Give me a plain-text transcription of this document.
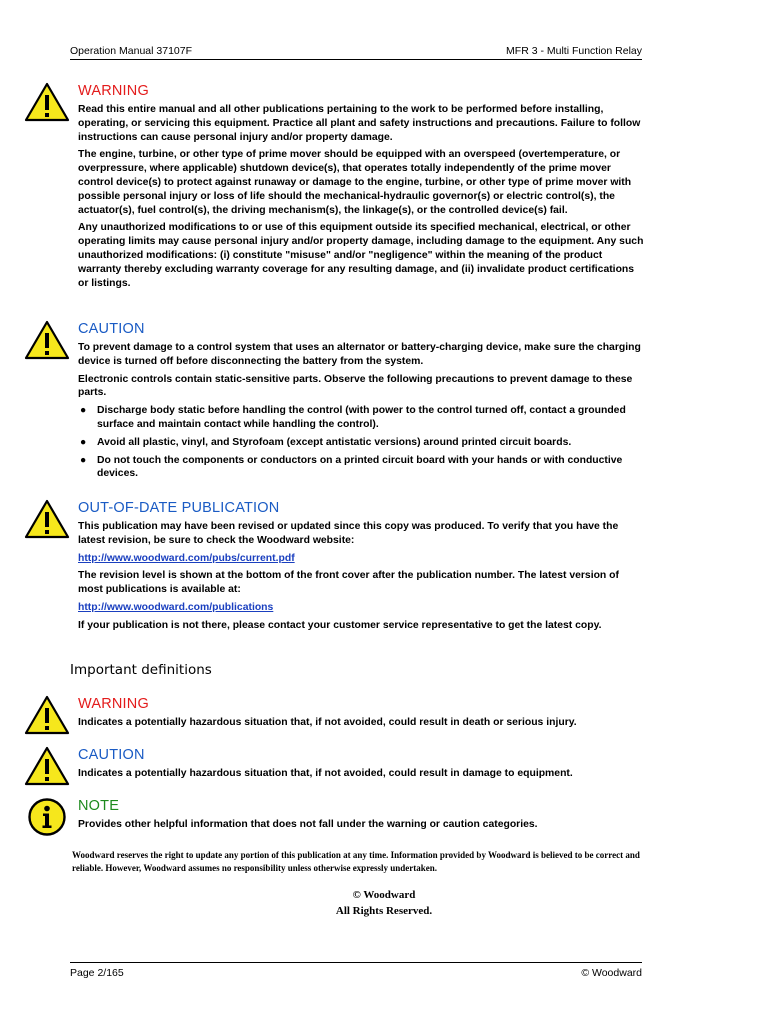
Operation Manual 37107F	MFR 3 - Multi Function Relay
WARNING

Read this entire manual and all other publications pertaining to the work to be performed before installing, operating, or servicing this equipment. Practice all plant and safety instructions and precautions. Failure to follow instructions can cause personal injury and/or property damage.

The engine, turbine, or other type of prime mover should be equipped with an overspeed (overtemperature, or overpressure, where applicable) shutdown device(s), that operates totally independently of the prime mover control device(s) to protect against runaway or damage to the engine, turbine, or other type of prime mover with possible personal injury or loss of life should the mechanical-hydraulic governor(s) or electric control(s), the actuator(s), fuel control(s), the driving mechanism(s), the linkage(s), or the controlled device(s) fail.

Any unauthorized modifications to or use of this equipment outside its specified mechanical, electrical, or other operating limits may cause personal injury and/or property damage, including damage to the equipment. Any such unauthorized modifications: (i) constitute "misuse" and/or "negligence" within the meaning of the product warranty thereby excluding warranty coverage for any resulting damage, and (ii) invalidate product certifications or listings.

CAUTION

To prevent damage to a control system that uses an alternator or battery-charging device, make sure the charging device is turned off before disconnecting the battery from the system.

Electronic controls contain static-sensitive parts. Observe the following precautions to prevent damage to these parts.

● Discharge body static before handling the control (with power to the control turned off, contact a grounded surface and maintain contact while handling the control).

● Avoid all plastic, vinyl, and Styrofoam (except antistatic versions) around printed circuit boards.

● Do not touch the components or conductors on a printed circuit board with your hands or with conductive devices.

OUT-OF-DATE PUBLICATION

This publication may have been revised or updated since this copy was produced. To verify that you have the latest revision, be sure to check the Woodward website:

http://www.woodward.com/pubs/current.pdf

The revision level is shown at the bottom of the front cover after the publication number. The latest version of most publications is available at:

http://www.woodward.com/publications

If your publication is not there, please contact your customer service representative to get the latest copy.

Important definitions
WARNING

Indicates a potentially hazardous situation that, if not avoided, could result in death or serious injury.

CAUTION

Indicates a potentially hazardous situation that, if not avoided, could result in damage to equipment.

NOTE

Provides other helpful information that does not fall under the warning or caution categories.

Woodward reserves the right to update any portion of this publication at any time. Information provided by Woodward is believed to be correct and reliable. However, Woodward assumes no responsibility unless otherwise expressly undertaken.
© Woodward
All Rights Reserved.
Page 2/165	© Woodward
